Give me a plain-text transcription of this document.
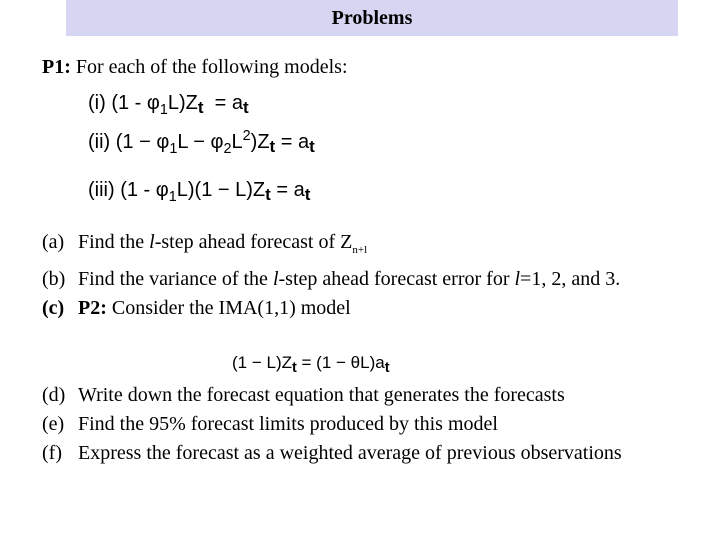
Problems
P1: For each of the following models:
(i) $(1 - \varphi_1L)Z_t = a_t$
(ii) $(1 - \varphi_1L - \varphi_2L^2)Z_t = a_t$
(iii) $(1 - \varphi_1L)(1 - L)Z_t = a_t$
(a) Find the l-step ahead forecast of $Z_{n+l}$
(b) Find the variance of the l-step ahead forecast error for l=1, 2, and 3.
(c) P2: Consider the IMA(1,1) model
(d) Write down the forecast equation that generates the forecasts
(e) Find the 95% forecast limits produced by this model
(f) Express the forecast as a weighted average of previous observations
$(1 - L)Z_t = (1 - \theta L)a_t$
